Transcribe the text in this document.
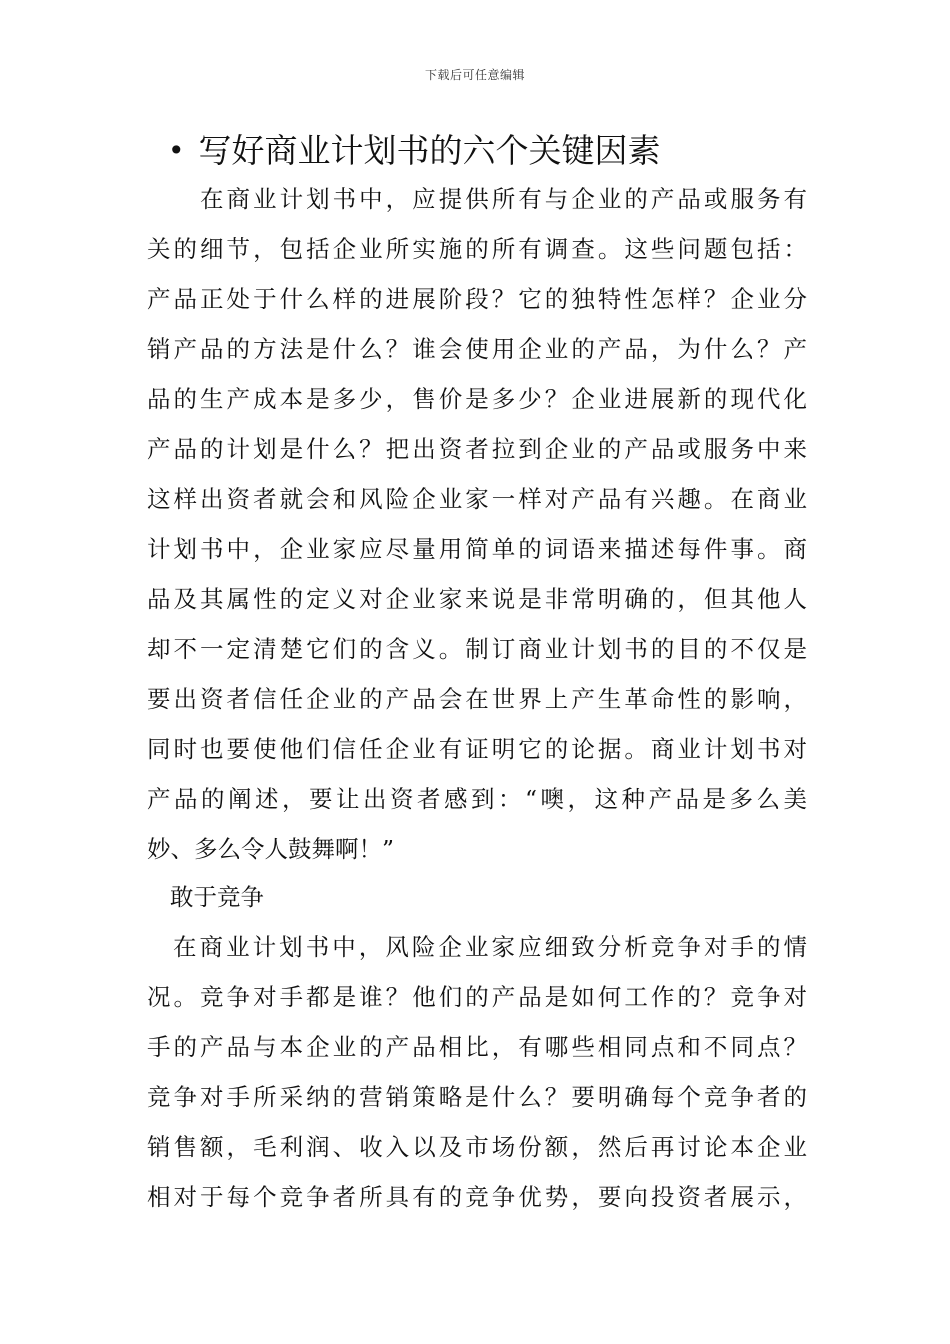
下载后可任意编辑
• 写好商业计划书的六个关键因素
在商业计划书中，应提供所有与企业的产品或服务有
关的细节，包括企业所实施的所有调查。这些问题包括：
产品正处于什么样的进展阶段？它的独特性怎样？企业分
销产品的方法是什么？谁会使用企业的产品，为什么？产
品的生产成本是多少，售价是多少？企业进展新的现代化
产品的计划是什么？把出资者拉到企业的产品或服务中来
这样出资者就会和风险企业家一样对产品有兴趣。在商业
计划书中，企业家应尽量用简单的词语来描述每件事。商
品及其属性的定义对企业家来说是非常明确的，但其他人
却不一定清楚它们的含义。制订商业计划书的目的不仅是
要出资者信任企业的产品会在世界上产生革命性的影响，
同时也要使他们信任企业有证明它的论据。商业计划书对
产品的阐述，要让出资者感到：“噢，这种产品是多么美
妙、多么令人鼓舞啊！”
敢于竞争
在商业计划书中，风险企业家应细致分析竞争对手的情
况。竞争对手都是谁？他们的产品是如何工作的？竞争对
手的产品与本企业的产品相比，有哪些相同点和不同点？
竞争对手所采纳的营销策略是什么？要明确每个竞争者的
销售额，毛利润、收入以及市场份额，然后再讨论本企业
相对于每个竞争者所具有的竞争优势，要向投资者展示，
